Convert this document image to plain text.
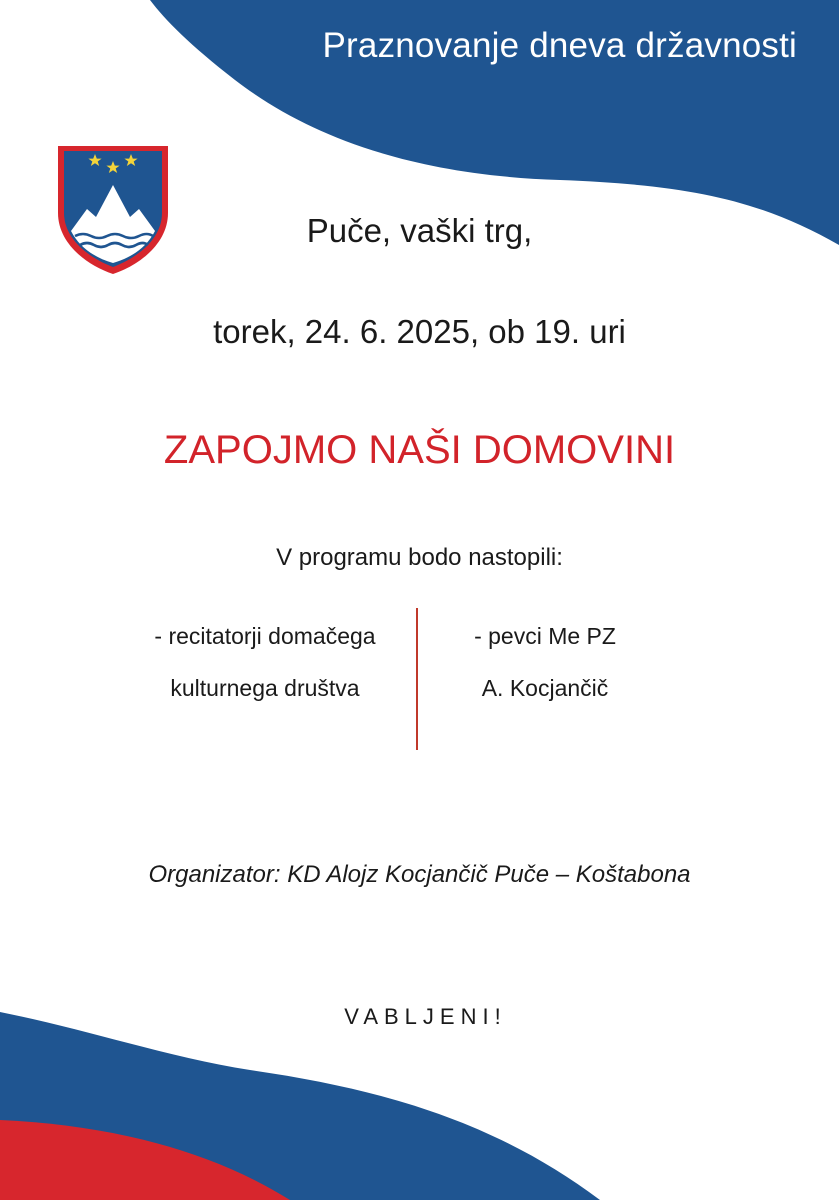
Praznovanje dneva državnosti
Puče, vaški trg,
torek, 24. 6. 2025, ob 19. uri
ZAPOJMO NAŠI DOMOVINI
V programu bodo nastopili:
- recitatorji domačega
kulturnega društva
- pevci Me PZ
A. Kocjančič
Organizator: KD Alojz Kocjančič Puče – Koštabona
VABLJENI!
